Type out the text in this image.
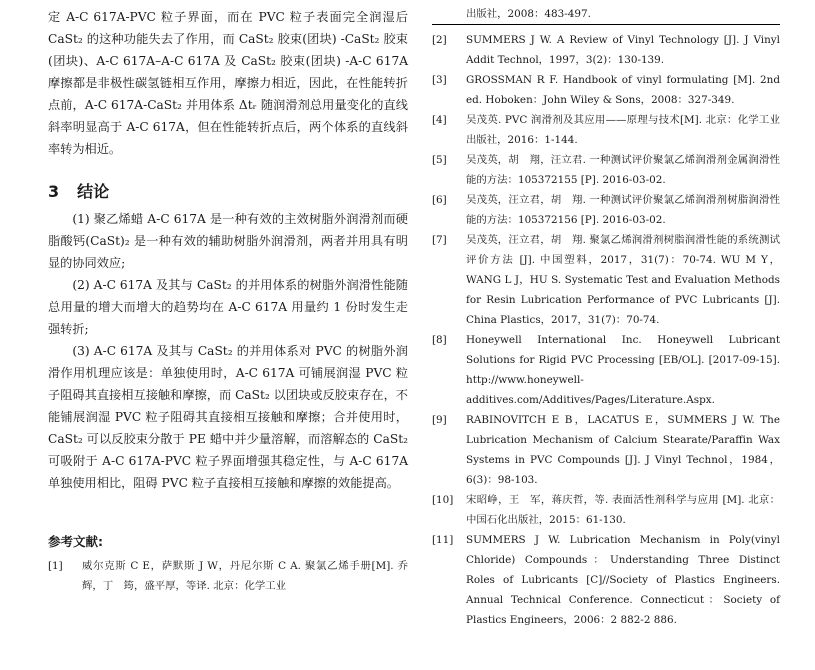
定 A-C 617A-PVC 粒子界面，而在 PVC 粒子表面完全润湿后 CaSt₂ 的这种功能失去了作用，而 CaSt₂ 胶束(团块) -CaSt₂ 胶束(团块)、A-C 617A–A-C 617A 及 CaSt₂ 胶束(团块) -A-C 617A 摩擦都是非极性碳氢链相互作用，摩擦力相近，因此，在性能转折点前，A-C 617A-CaSt₂ 并用体系 Δtᵣ 随润滑剂总用量变化的直线斜率明显高于 A-C 617A，但在性能转折点后，两个体系的直线斜率转为相近。

3 结论

(1) 聚乙烯蜡 A-C 617A 是一种有效的主效树脂外润滑剂而硬脂酸钙(CaSt)₂ 是一种有效的辅助树脂外润滑剂，两者并用具有明显的协同效应;

(2) A-C 617A 及其与 CaSt₂ 的并用体系的树脂外润滑性能随总用量的增大而增大的趋势均在 A-C 617A 用量约 1 份时发生走强转折;

(3) A-C 617A 及其与 CaSt₂ 的并用体系对 PVC 的树脂外润滑作用机理应该是：单独使用时，A-C 617A 可铺展润湿 PVC 粒子阻碍其直接相互接触和摩擦，而 CaSt₂ 以团块或反胶束存在，不能铺展润湿 PVC 粒子阻碍其直接相互接触和摩擦；合并使用时，CaSt₂ 可以反胶束分散于 PE 蜡中并少量溶解，而溶解态的 CaSt₂ 可吸附于 A-C 617A-PVC 粒子界面增强其稳定性，与 A-C 617A 单独使用相比，阻碍 PVC 粒子直接相互接触和摩擦的效能提高。

参考文献:
[1]	威尔克斯 C E，萨默斯 J W，丹尼尔斯 C A. 聚氯乙烯手册[M]. 乔　辉，丁　筠，盛平厚，等译. 北京：化学工业
出版社，2008：483-497.
[2]	SUMMERS J W. A Review of Vinyl Technology [J]. J Vinyl Addit Technol，1997，3(2)：130-139.
[3]	GROSSMAN R F. Handbook of vinyl formulating [M]. 2nd ed. Hoboken：John Wiley & Sons，2008：327-349.
[4]	吴茂英. PVC 润滑剂及其应用——原理与技术[M]. 北京：化学工业出版社，2016：1-144.
[5]	吴茂英，胡　翔，汪立君. 一种测试评价聚氯乙烯润滑剂金属润滑性能的方法：105372155 [P]. 2016-03-02.
[6]	吴茂英，汪立君，胡　翔. 一种测试评价聚氯乙烯润滑剂树脂润滑性能的方法：105372156 [P]. 2016-03-02.
[7]	吴茂英，汪立君，胡　翔. 聚氯乙烯润滑剂树脂润滑性能的系统测试评价方法 [J]. 中国塑料，2017，31(7)：70-74. WU M Y，WANG L J，HU S. Systematic Test and Evaluation Methods for Resin Lubrication Performance of PVC Lubricants [J]. China Plastics，2017，31(7)：70-74.
[8]	Honeywell International Inc. Honeywell Lubricant Solutions for Rigid PVC Processing [EB/OL]. [2017-09-15]. http://www.honeywell-additives.com/Additives/Pages/Literature.Aspx.
[9]	RABINOVITCH E B，LACATUS E，SUMMERS J W. The Lubrication Mechanism of Calcium Stearate/Paraffin Wax Systems in PVC Compounds [J]. J Vinyl Technol，1984，6(3)：98-103.
[10]	宋昭峥，王　军，蒋庆哲，等. 表面活性剂科学与应用 [M]. 北京：中国石化出版社，2015：61-130.
[11]	SUMMERS J W. Lubrication Mechanism in Poly(vinyl Chloride) Compounds：Understanding Three Distinct Roles of Lubricants [C]//Society of Plastics Engineers. Annual Technical Conference. Connecticut：Society of Plastics Engineers，2006：2 882-2 886.
